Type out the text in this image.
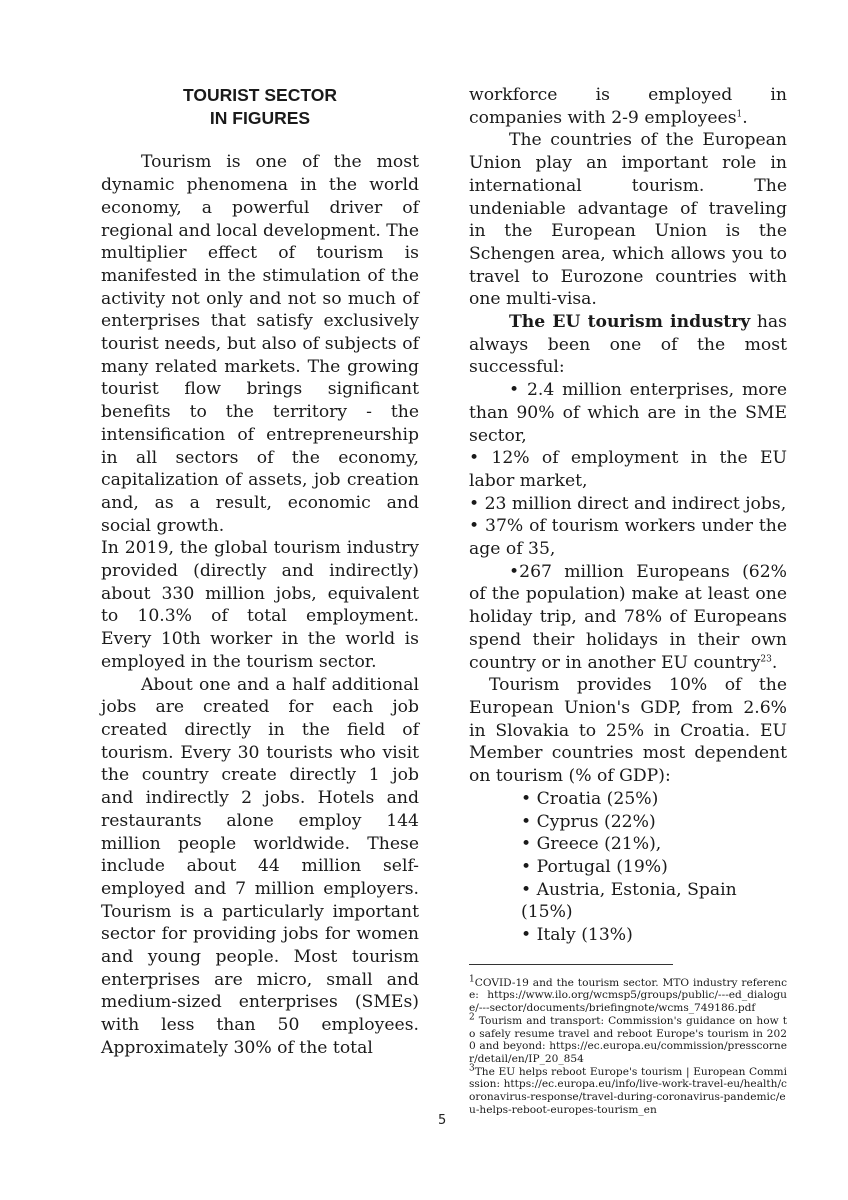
TOURIST SECTOR
IN FIGURES

Tourism is one of the most dynamic phenomena in the world economy, a powerful driver of regional and local development. The multiplier effect of tourism is manifested in the stimulation of the activity not only and not so much of enterprises that satisfy exclusively tourist needs, but also of subjects of many related markets. The growing tourist flow brings significant benefits to the territory - the intensification of entrepreneurship in all sectors of the economy, capitalization of assets, job creation and, as a result, economic and social growth.

In 2019, the global tourism industry provided (directly and indirectly) about 330 million jobs, equivalent to 10.3% of total employment. Every 10th worker in the world is employed in the tourism sector.

About one and a half additional jobs are created for each job created directly in the field of tourism. Every 30 tourists who visit the country create directly 1 job and indirectly 2 jobs. Hotels and restaurants alone employ 144 million people worldwide. These include about 44 million self-employed and 7 million employers. Tourism is a particularly important sector for providing jobs for women and young people. Most tourism enterprises are micro, small and medium-sized enterprises (SMEs) with less than 50 employees. Approximately 30% of the total

workforce is employed in companies with 2-9 employees$^1$.

The countries of the European Union play an important role in international tourism. The undeniable advantage of traveling in the European Union is the Schengen area, which allows you to travel to Eurozone countries with one multi-visa.

The EU tourism industry has always been one of the most successful:

• 2.4 million enterprises, more than 90% of which are in the SME sector,

• 12% of employment in the EU labor market,

• 23 million direct and indirect jobs,

• 37% of tourism workers under the age of 35,

•267 million Europeans (62% of the population) make at least one holiday trip, and 78% of Europeans spend their holidays in their own country or in another EU country$^{23}$.

Tourism provides 10% of the European Union's GDP, from 2.6% in Slovakia to 25% in Croatia. EU Member countries most dependent on tourism (% of GDP):

• Croatia (25%)
• Cyprus (22%)
• Greece (21%),
• Portugal (19%)
• Austria, Estonia, Spain (15%)
• Italy (13%)

$^1$COVID-19 and the tourism sector. MTO industry reference: https://www.ilo.org/wcmsp5/groups/public/---ed_dialogue/---sector/documents/briefingnote/wcms_749186.pdf

$^2$ Tourism and transport: Commission's guidance on how to safely resume travel and reboot Europe's tourism in 2020 and beyond: https://ec.europa.eu/commission/presscorner/detail/en/IP_20_854

$^3$The EU helps reboot Europe's tourism | European Commission: https://ec.europa.eu/info/live-work-travel-eu/health/coronavirus-response/travel-during-coronavirus-pandemic/eu-helps-reboot-europes-tourism_en

5
